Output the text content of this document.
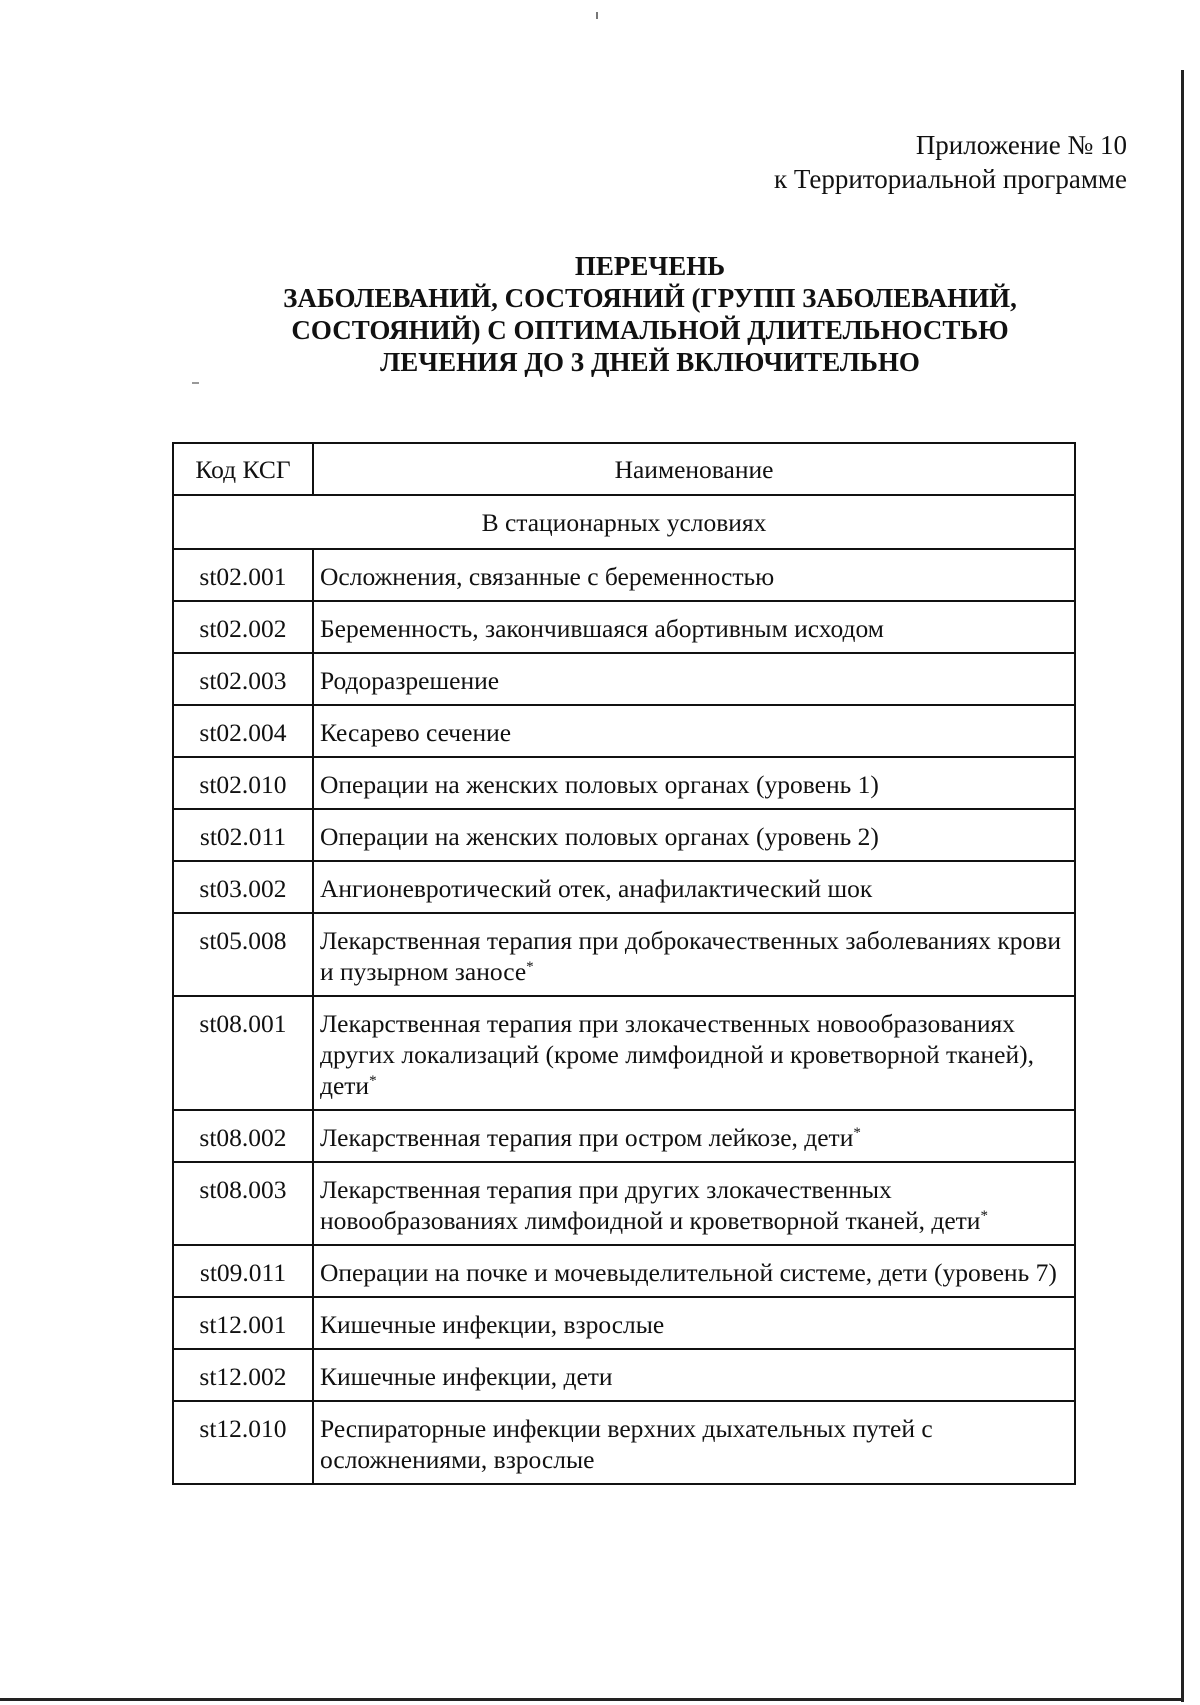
Приложение № 10
к Территориальной программе
ПЕРЕЧЕНЬ
ЗАБОЛЕВАНИЙ, СОСТОЯНИЙ (ГРУПП ЗАБОЛЕВАНИЙ,
СОСТОЯНИЙ) С ОПТИМАЛЬНОЙ ДЛИТЕЛЬНОСТЬЮ
ЛЕЧЕНИЯ ДО 3 ДНЕЙ ВКЛЮЧИТЕЛЬНО
Код КСГ	Наименование
В стационарных условиях	
st02.001	Осложнения, связанные с беременностью
st02.002	Беременность, закончившаяся абортивным исходом
st02.003	Родоразрешение
st02.004	Кесарево сечение
st02.010	Операции на женских половых органах (уровень 1)
st02.011	Операции на женских половых органах (уровень 2)
st03.002	Ангионевротический отек, анафилактический шок
st05.008	Лекарственная терапия при доброкачественных заболеваниях крови и пузырном заносе*
st08.001	Лекарственная терапия при злокачественных новообразованиях других локализаций (кроме лимфоидной и кроветворной тканей), дети*
st08.002	Лекарственная терапия при остром лейкозе, дети*
st08.003	Лекарственная терапия при других злокачественных новообразованиях лимфоидной и кроветворной тканей, дети*
st09.011	Операции на почке и мочевыделительной системе, дети (уровень 7)
st12.001	Кишечные инфекции, взрослые
st12.002	Кишечные инфекции, дети
st12.010	Респираторные инфекции верхних дыхательных путей с осложнениями, взрослые
